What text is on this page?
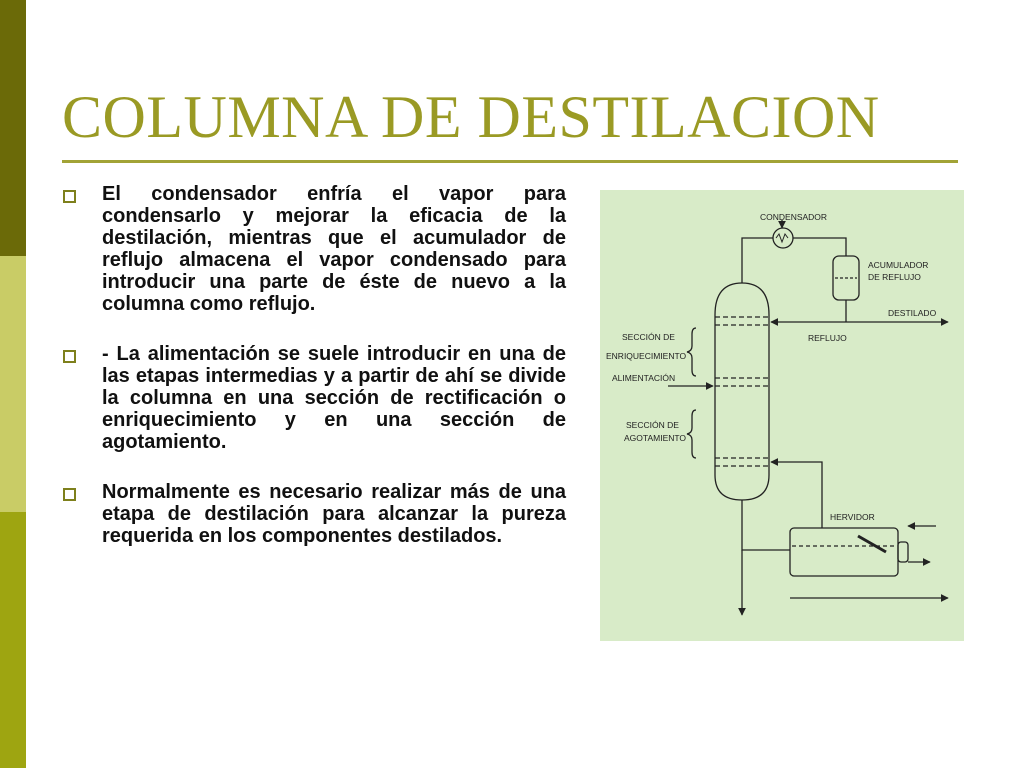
COLUMNA DE DESTILACION
El condensador enfría el vapor para condensarlo y mejorar la eficacia de la destilación, mientras que el acumulador de reflujo almacena el vapor condensado para introducir una parte de éste de nuevo a la columna como reflujo.
- La alimentación se suele introducir en una de las etapas intermedias y a partir de ahí se divide la columna en una sección de rectificación o enriquecimiento y en una sección de agotamiento.
Normalmente es necesario realizar más de una etapa de destilación para alcanzar la pureza requerida en los componentes destilados.
CONDENSADOR
ACUMULADOR
DE REFLUJO
DESTILADO
REFLUJO
SECCIÓN DE
ENRIQUECIMIENTO
ALIMENTACIÓN
SECCIÓN DE
AGOTAMIENTO
HERVIDOR
